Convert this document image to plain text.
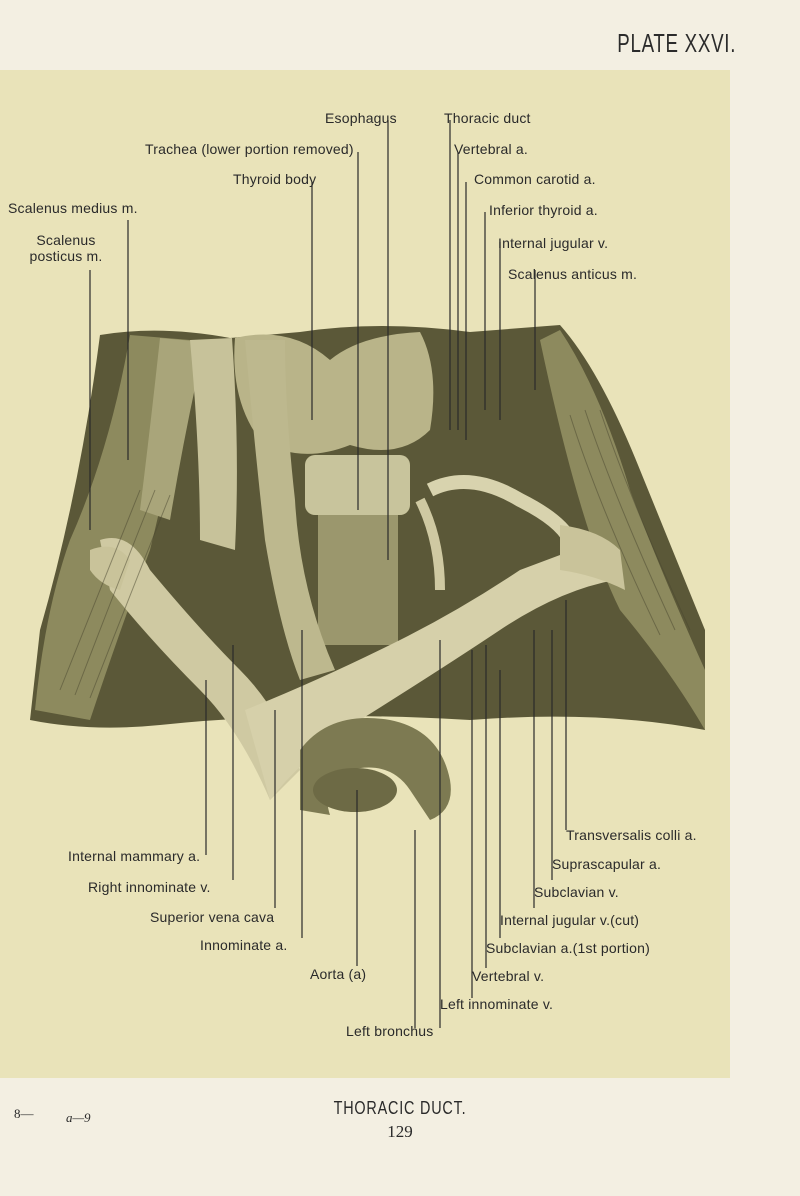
PLATE XXVI.
Esophagus
Trachea (lower portion removed)
Thyroid body
Scalenus medius m.
Scalenus
posticus m.
Thoracic duct
Vertebral a.
Common carotid a.
Inferior thyroid a.
Internal jugular v.
Scalenus anticus m.
Internal mammary a.
Right innominate v.
Superior vena cava
Innominate a.
Aorta (a)
Left bronchus
Transversalis colli a.
Suprascapular a.
Subclavian v.
Internal jugular v.(cut)
Subclavian a.(1st portion)
Vertebral v.
Left innominate v.
THORACIC DUCT.
129
8—	a—9
